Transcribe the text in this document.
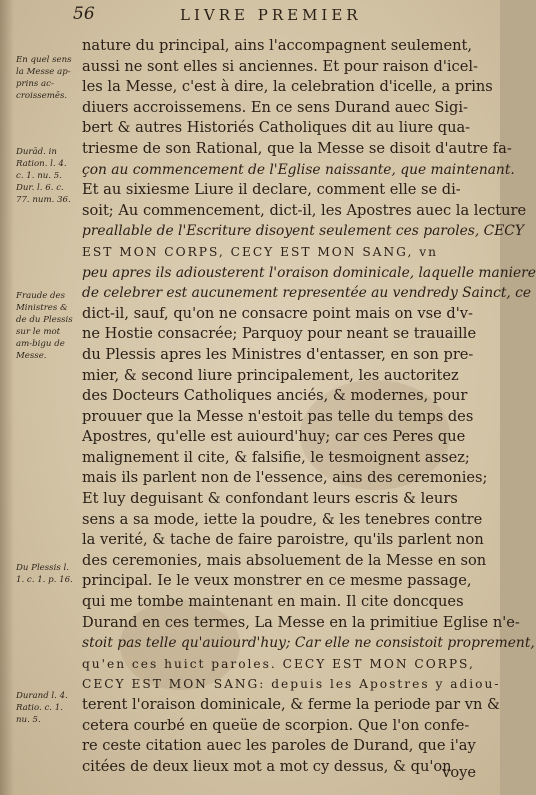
56	LIVRE PREMIER
En quel sens la Messe ap-prins ac-croissemēs.
Durād. in Ration. l. 4. c. 1. nu. 5. Dur. l. 6. c. 77. num. 36.
Fraude des Ministres & de du Plessis sur le mot am-bigu de Messe.
Du Plessis l. 1. c. 1. p. 16.
Durand l. 4. Ratio. c. 1. nu. 5.
nature du principal, ains l'accompagnent seulement,
aussi ne sont elles si anciennes. Et pour raison d'icel-
les la Messe, c'est à dire, la celebration d'icelle, a prins
diuers accroissemens. En ce sens Durand auec Sigi-
bert & autres Historiés Catholiques dit au liure qua-
triesme de son Rational, que la Messe se disoit d'autre fa-
çon au commencement de l'Eglise naissante, que maintenant.
Et au sixiesme Liure il declare, comment elle se di-
soit; Au commencement, dict-il, les Apostres auec la lecture
preallable de l'Escriture disoyent seulement ces paroles, CECY
EST MON CORPS, CECY EST MON SANG, vn
peu apres ils adiousterent l'oraison dominicale, laquelle maniere
de celebrer est aucunement representée au vendredy Sainct, ce
dict-il, sauf, qu'on ne consacre point mais on vse d'v-
ne Hostie consacrée; Parquoy pour neant se trauaille
du Plessis apres les Ministres d'entasser, en son pre-
mier, & second liure principalement, les auctoritez
des Docteurs Catholiques anciés, & modernes, pour
prouuer que la Messe n'estoit pas telle du temps des
Apostres, qu'elle est auiourd'huy; car ces Peres que
malignement il cite, & falsifie, le tesmoignent assez;
mais ils parlent non de l'essence, ains des ceremonies;
Et luy deguisant & confondant leurs escris & leurs
sens a sa mode, iette la poudre, & les tenebres contre
la verité, & tache de faire paroistre, qu'ils parlent non
des ceremonies, mais absoluement de la Messe en son
principal. Ie le veux monstrer en ce mesme passage,
qui me tombe maintenant en main. Il cite doncques
Durand en ces termes, La Messe en la primitiue Eglise n'e-
stoit pas telle qu'auiourd'huy; Car elle ne consistoit proprement,
qu'en ces huict paroles. CECY EST MON CORPS,
CECY EST MON SANG: depuis les Apostres y adiou-
terent l'oraison dominicale, & ferme la periode par vn &
cetera courbé en queüe de scorpion. Que l'on confe-
re ceste citation auec les paroles de Durand, que i'ay
citées de deux lieux mot a mot cy dessus, & qu'on
voye
